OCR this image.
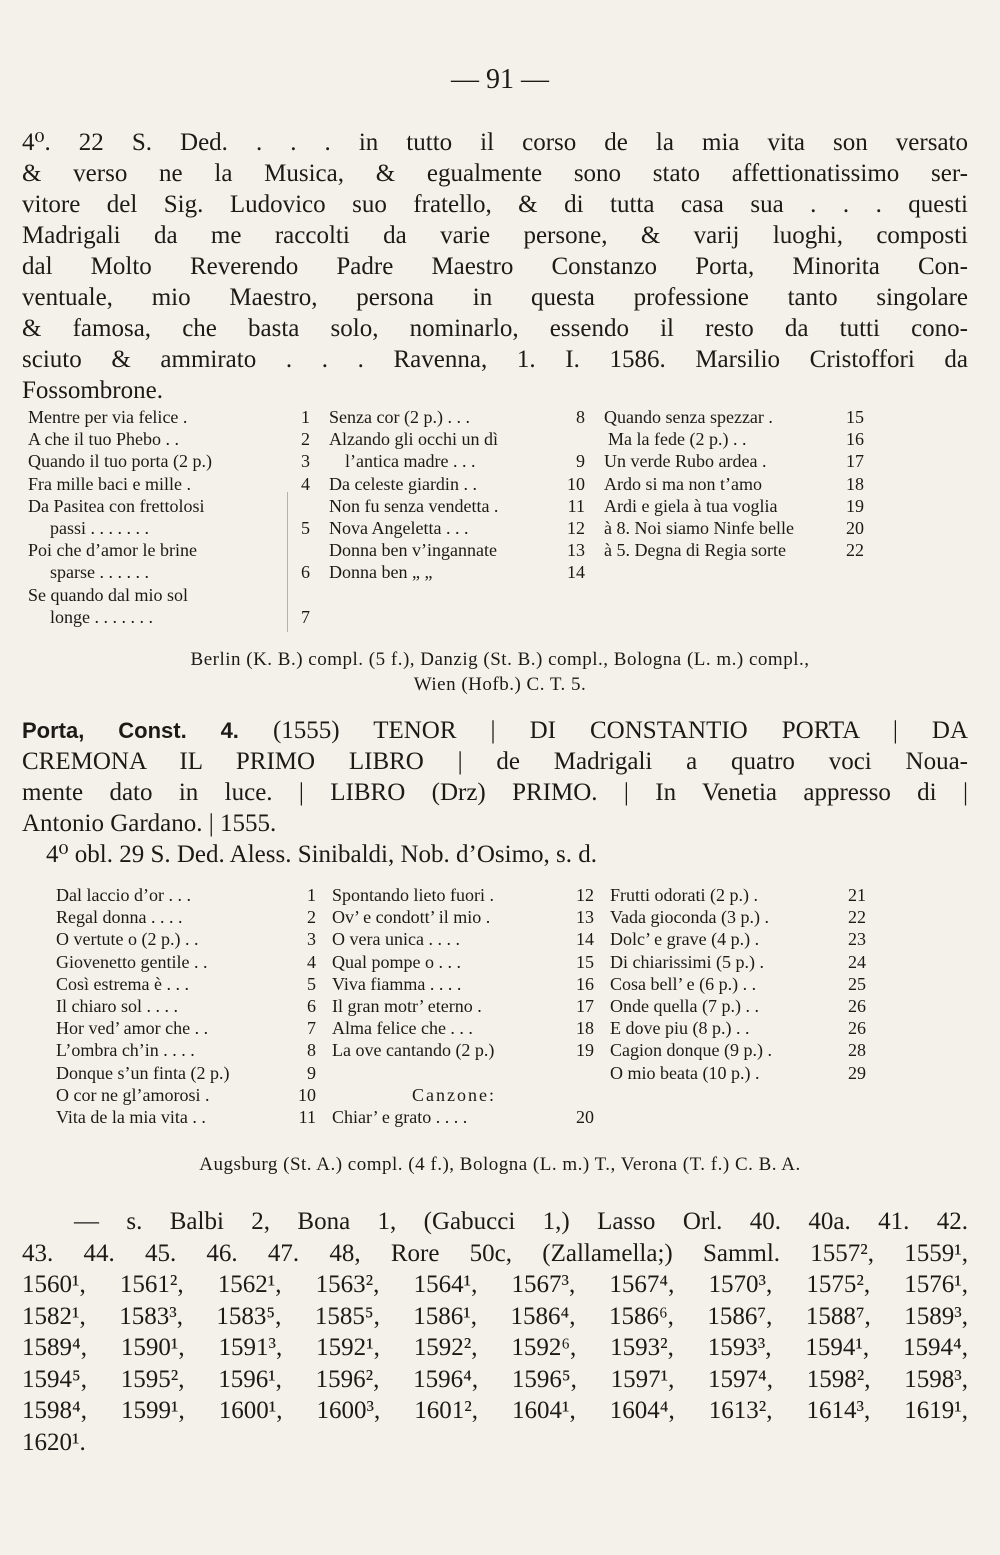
— 91 —
4⁰. 22 S. Ded. . . . in tutto il corso de la mia vita son versato
& verso ne la Musica, & egualmente sono stato affettionatissimo ser-
vitore del Sig. Ludovico suo fratello, & di tutta casa sua . . . questi
Madrigali da me raccolti da varie persone, & varij luoghi, composti
dal Molto Reverendo Padre Maestro Constanzo Porta, Minorita Con-
ventuale, mio Maestro, persona in questa professione tanto singolare
& famosa, che basta solo, nominarlo, essendo il resto da tutti cono-
sciuto & ammirato . . . Ravenna, 1. I. 1586. Marsilio Cristoffori da
Fossombrone.
Mentre per via felice .	1
A che il tuo Phebo . .	2
Quando il tuo porta (2 p.)	3
Fra mille baci e mille .	4
Da Pasitea con frettolosi
passi . . . . . . .	5
Poi che d’amor le brine
sparse . . . . . .	6
Se quando dal mio sol
longe . . . . . . .	7
Senza cor (2 p.) . . .	8
Alzando gli occhi un dì
l’antica madre . . .	9
Da celeste giardin . .	10
Non fu senza vendetta .	11
Nova Angeletta . . .	12
Donna ben v’ingannate	13
Donna ben „ „	14
Quando senza spezzar .	15
Ma la fede (2 p.) . .	16
Un verde Rubo ardea .	17
Ardo si ma non t’amo	18
Ardi e giela à tua voglia	19
à 8. Noi siamo Ninfe belle	20
à 5. Degna di Regia sorte	22
Berlin (K. B.) compl. (5 f.), Danzig (St. B.) compl., Bologna (L. m.) compl.,
Wien (Hofb.) C. T. 5.
Porta, Const. 4. (1555) TENOR | DI CONSTANTIO PORTA | DA
CREMONA IL PRIMO LIBRO | de Madrigali a quatro voci Noua-
mente dato in luce. | LIBRO (Drz) PRIMO. | In Venetia appresso di |
Antonio Gardano. | 1555.
4⁰ obl. 29 S. Ded. Aless. Sinibaldi, Nob. d’Osimo, s. d.
Dal laccio d’or . . .	1
Regal donna . . . .	2
O vertute o (2 p.) . .	3
Giovenetto gentile . .	4
Così estrema è . . .	5
Il chiaro sol . . . .	6
Hor ved’ amor che . .	7
L’ombra ch’in . . . .	8
Donque s’un finta (2 p.)	9
O cor ne gl’amorosi .	10
Vita de la mia vita . .	11
Spontando lieto fuori .	12
Ov’ e condott’ il mio .	13
O vera unica . . . .	14
Qual pompe o . . .	15
Viva fiamma . . . .	16
Il gran motr’ eterno .	17
Alma felice che . . .	18
La ove cantando (2 p.)	19

Canzone:
Chiar’ e grato . . . .	20
Frutti odorati (2 p.) .	21
Vada gioconda (3 p.) .	22
Dolc’ e grave (4 p.) .	23
Di chiarissimi (5 p.) .	24
Cosa bell’ e (6 p.) . .	25
Onde quella (7 p.) . .	26
E dove piu (8 p.) . .	26
Cagion donque (9 p.) .	28
O mio beata (10 p.) .	29
Augsburg (St. A.) compl. (4 f.), Bologna (L. m.) T., Verona (T. f.) C. B. A.
— s. Balbi 2, Bona 1, (Gabucci 1,) Lasso Orl. 40. 40a. 41. 42.
43. 44. 45. 46. 47. 48, Rore 50c, (Zallamella;) Samml. 1557², 1559¹,
1560¹, 1561², 1562¹, 1563², 1564¹, 1567³, 1567⁴, 1570³, 1575², 1576¹,
1582¹, 1583³, 1583⁵, 1585⁵, 1586¹, 1586⁴, 1586⁶, 1586⁷, 1588⁷, 1589³,
1589⁴, 1590¹, 1591³, 1592¹, 1592², 1592⁶, 1593², 1593³, 1594¹, 1594⁴,
1594⁵, 1595², 1596¹, 1596², 1596⁴, 1596⁵, 1597¹, 1597⁴, 1598², 1598³,
1598⁴, 1599¹, 1600¹, 1600³, 1601², 1604¹, 1604⁴, 1613², 1614³, 1619¹,
1620¹.
